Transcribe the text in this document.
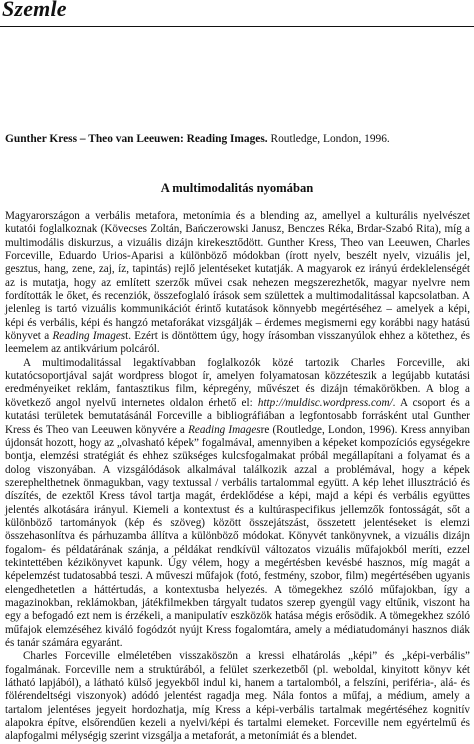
Szemle

Gunther Kress – Theo van Leeuwen: Reading Images. Routledge, London, 1996.

A multimodalitás nyomában

Magyarországon a verbális metafora, metonímia és a blending az, amellyel a kulturális nyelvészet kutatói foglalkoznak (Kövecses Zoltán, Bańczerowski Janusz, Benczes Réka, Brdar-Szabó Rita), míg a multimodális diskurzus, a vizuális dizájn kirekesztődött. Gunther Kress, Theo van Leeuwen, Charles Forceville, Eduardo Urios-Aparisi a különböző módokban (írott nyelv, beszélt nyelv, vizuális jel, gesztus, hang, zene, zaj, íz, tapintás) rejlő jelentéseket kutatják. A magyarok ez irányú érdeklelenségét az is mutatja, hogy az említett szerzők művei csak nehezen megszerezhetők, magyar nyelvre nem fordították le őket, és recenziók, összefoglaló írások sem születtek a multimodalitással kapcsolatban. A jelenleg is tartó vizuális kommunikációt érintő kutatások könnyebb megértéséhez – amelyek a képi, képi és verbális, képi és hangzó metaforákat vizsgálják – érdemes megismerni egy korábbi nagy hatású könyvet a Reading Imagest. Ezért is döntöttem úgy, hogy írásomban visszanyúlok ehhez a kötethez, és leemelem az antikvárium polcáról.

A multimodalitással legaktívabban foglalkozók közé tartozik Charles Forceville, aki kutatócsoportjával saját wordpress blogot ír, amelyen folyamatosan közzéteszik a legújabb kutatási eredményeiket reklám, fantasztikus film, képregény, művészet és dizájn témakörökben. A blog a következő angol nyelvű internetes oldalon érhető el: http://muldisc.wordpress.com/. A csoport és a kutatási területek bemutatásánál Forceville a bibliográfiában a legfontosabb forrásként utal Gunther Kress és Theo van Leeuwen könyvére a Reading Imagesre (Routledge, London, 1996). Kress annyiban újdonsát hozott, hogy az „olvasható képek” fogalmával, amennyiben a képeket kompozíciós egységekre bontja, elemzési stratégiát és ehhez szükséges kulcsfogalmakat próbál megállapítani a folyamat és a dolog viszonyában. A vizsgálódások alkalmával találkozik azzal a problémával, hogy a képek szerephelthetnek önmagukban, vagy textussal / verbális tartalommal együtt. A kép lehet illusztráció és díszítés, de ezektől Kress távol tartja magát, érdeklődése a képi, majd a képi és verbális együttes jelentés alkotására irányul. Kiemeli a kontextust és a kultúraspecifikus jellemzők fontosságát, sőt a különböző tartományok (kép és szöveg) között összejátszást, összetett jelentéseket is elemzi összehasonlítva és párhuzamba állítva a különböző módokat. Könyvét tankönyvnek, a vizuális dizájn fogalom- és példatárának szánja, a példákat rendkívül változatos vizuális műfajokból meríti, ezzel tekintettében kézikönyvet kapunk. Úgy vélem, hogy a megértésben kevésbé hasznos, míg magát a képelemzést tudatosabbá teszi. A műveszi műfajok (fotó, festmény, szobor, film) megértésében ugyanis elengedhetetlen a háttértudás, a kontextusba helyezés. A tömegekhez szóló műfajokban, így a magazinokban, reklámokban, játékfilmekben tárgyalt tudatos szerep gyengül vagy eltűnik, viszont ha egy a befogadó ezt nem is érzékeli, a manipulatív eszközök hatása mégis erősödik. A tömegekhez szóló műfajok elemzéséhez kiváló fogódzót nyújt Kress fogalomtára, amely a médiatudományi hasznos diák és tanár számára egyaránt.

Charles Forceville elméletében visszaköszön a kressi elhatárolás „képi” és „képi-verbális” fogalmának. Forceville nem a struktúrából, a felület szerkezetből (pl. weboldal, kinyitott könyv két látható lapjából), a látható külső jegyekből indul ki, hanem a tartalomból, a felszíni, periféria-, alá- és fölérendeltségi viszonyok) adódó jelentést ragadja meg. Nála fontos a műfaj, a médium, amely a tartalom jelentéses jegyeit hordozhatja, míg Kress a képi-verbális tartalmak megértéséhez kognitív alapokra építve, elsőrendűen kezeli a nyelvi/képi és tartalmi elemeket. Forceville nem egyértelmű és alapfogalmi mélységig szerint vizsgálja a metaforát, a metonímiát és a blendet.
